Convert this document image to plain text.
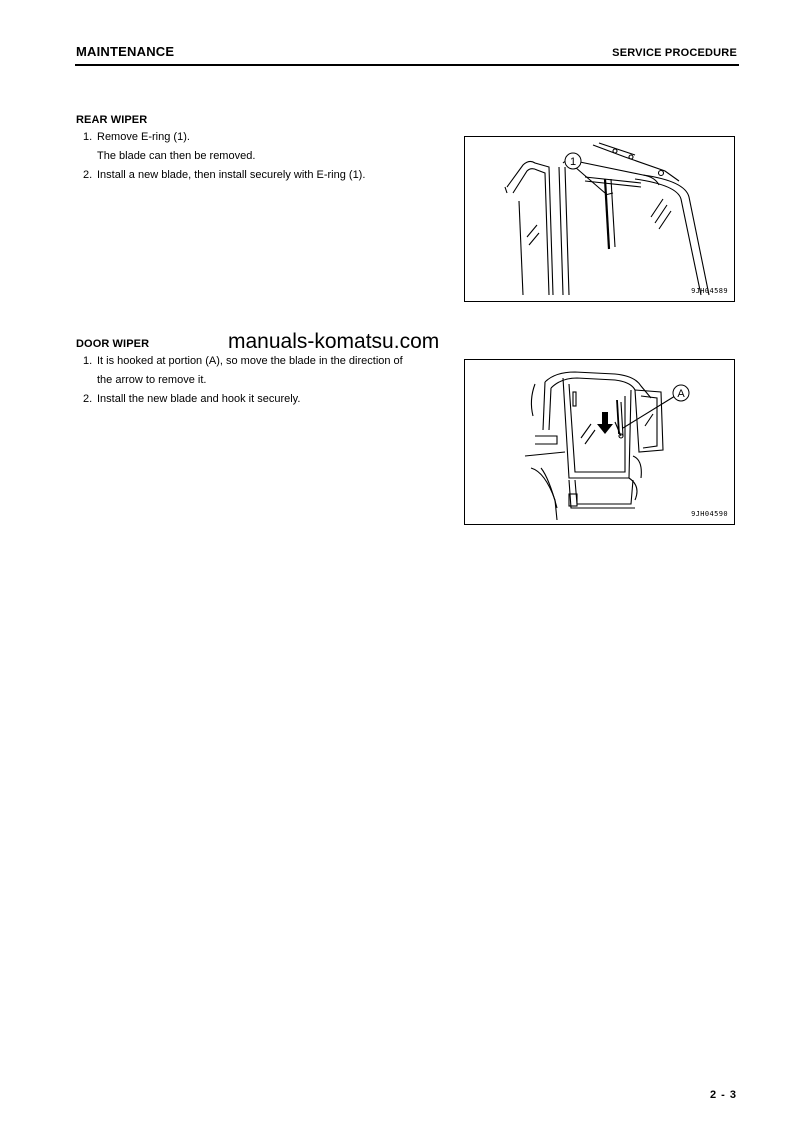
MAINTENANCE	SERVICE PROCEDURE
REAR WIPER
1. Remove E-ring (1).
The blade can then be removed.
2. Install a new blade, then install securely with E-ring (1).
1
9JH04589
DOOR WIPER
1. It is hooked at portion (A), so move the blade in the direction of
the arrow to remove it.
2. Install the new blade and hook it securely.	A
9JH04590
manuals-komatsu.com
2 - 3
